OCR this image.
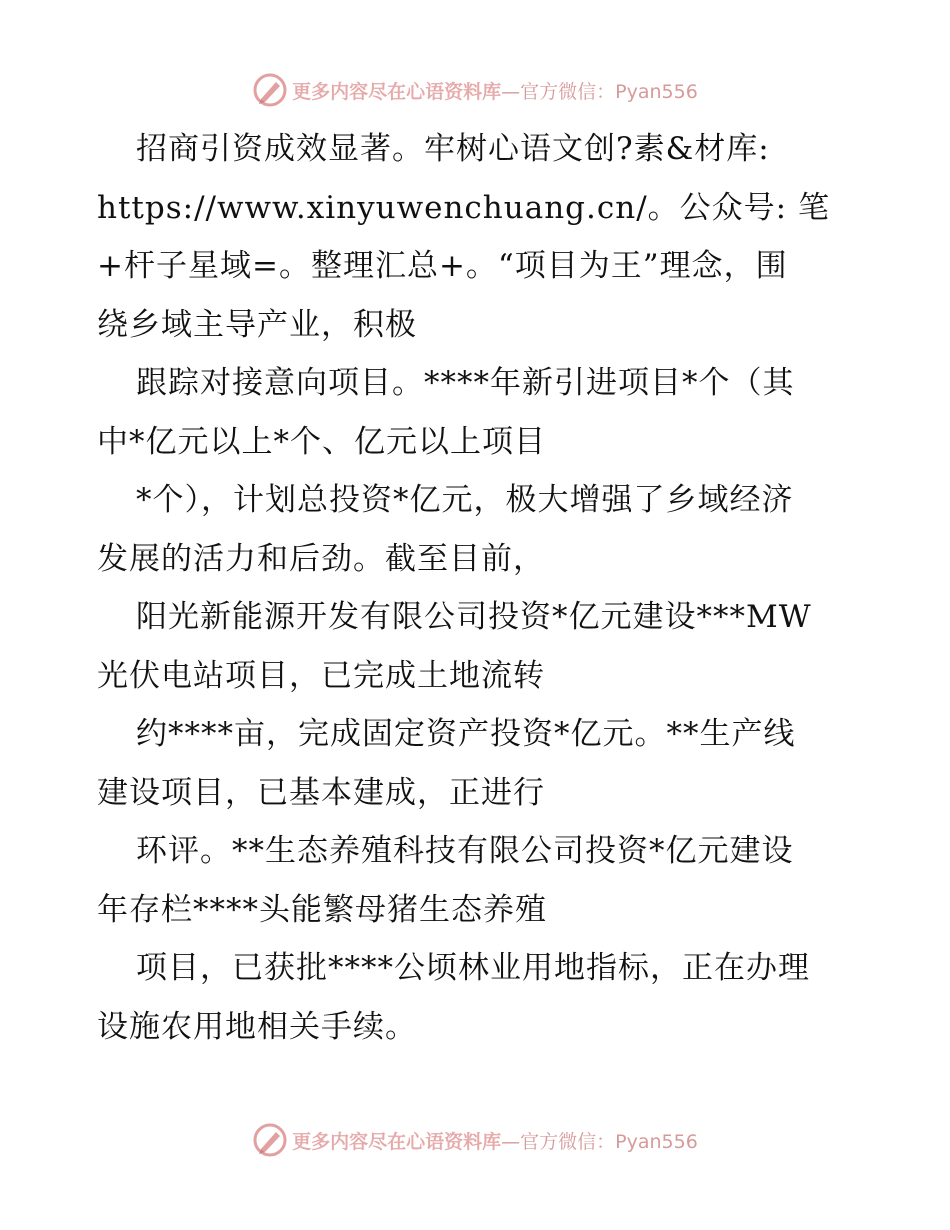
更多内容尽在心语资料库—官方微信：Pyan556
招商引资成效显著。牢树心语文创?素&材库:
https://www.xinyuwenchuang.cn/。公众号: 笔
+杆子星域=。整理汇总+。“项目为王”理念，围
绕乡域主导产业，积极
跟踪对接意向项目。****年新引进项目*个（其
中*亿元以上*个、亿元以上项目
*个），计划总投资*亿元，极大增强了乡域经济
发展的活力和后劲。截至目前，
阳光新能源开发有限公司投资*亿元建设***MW
光伏电站项目，已完成土地流转
约****亩，完成固定资产投资*亿元。**生产线
建设项目，已基本建成，正进行
环评。**生态养殖科技有限公司投资*亿元建设
年存栏****头能繁母猪生态养殖
项目，已获批****公顷林业用地指标，正在办理
设施农用地相关手续。
更多内容尽在心语资料库—官方微信：Pyan556
